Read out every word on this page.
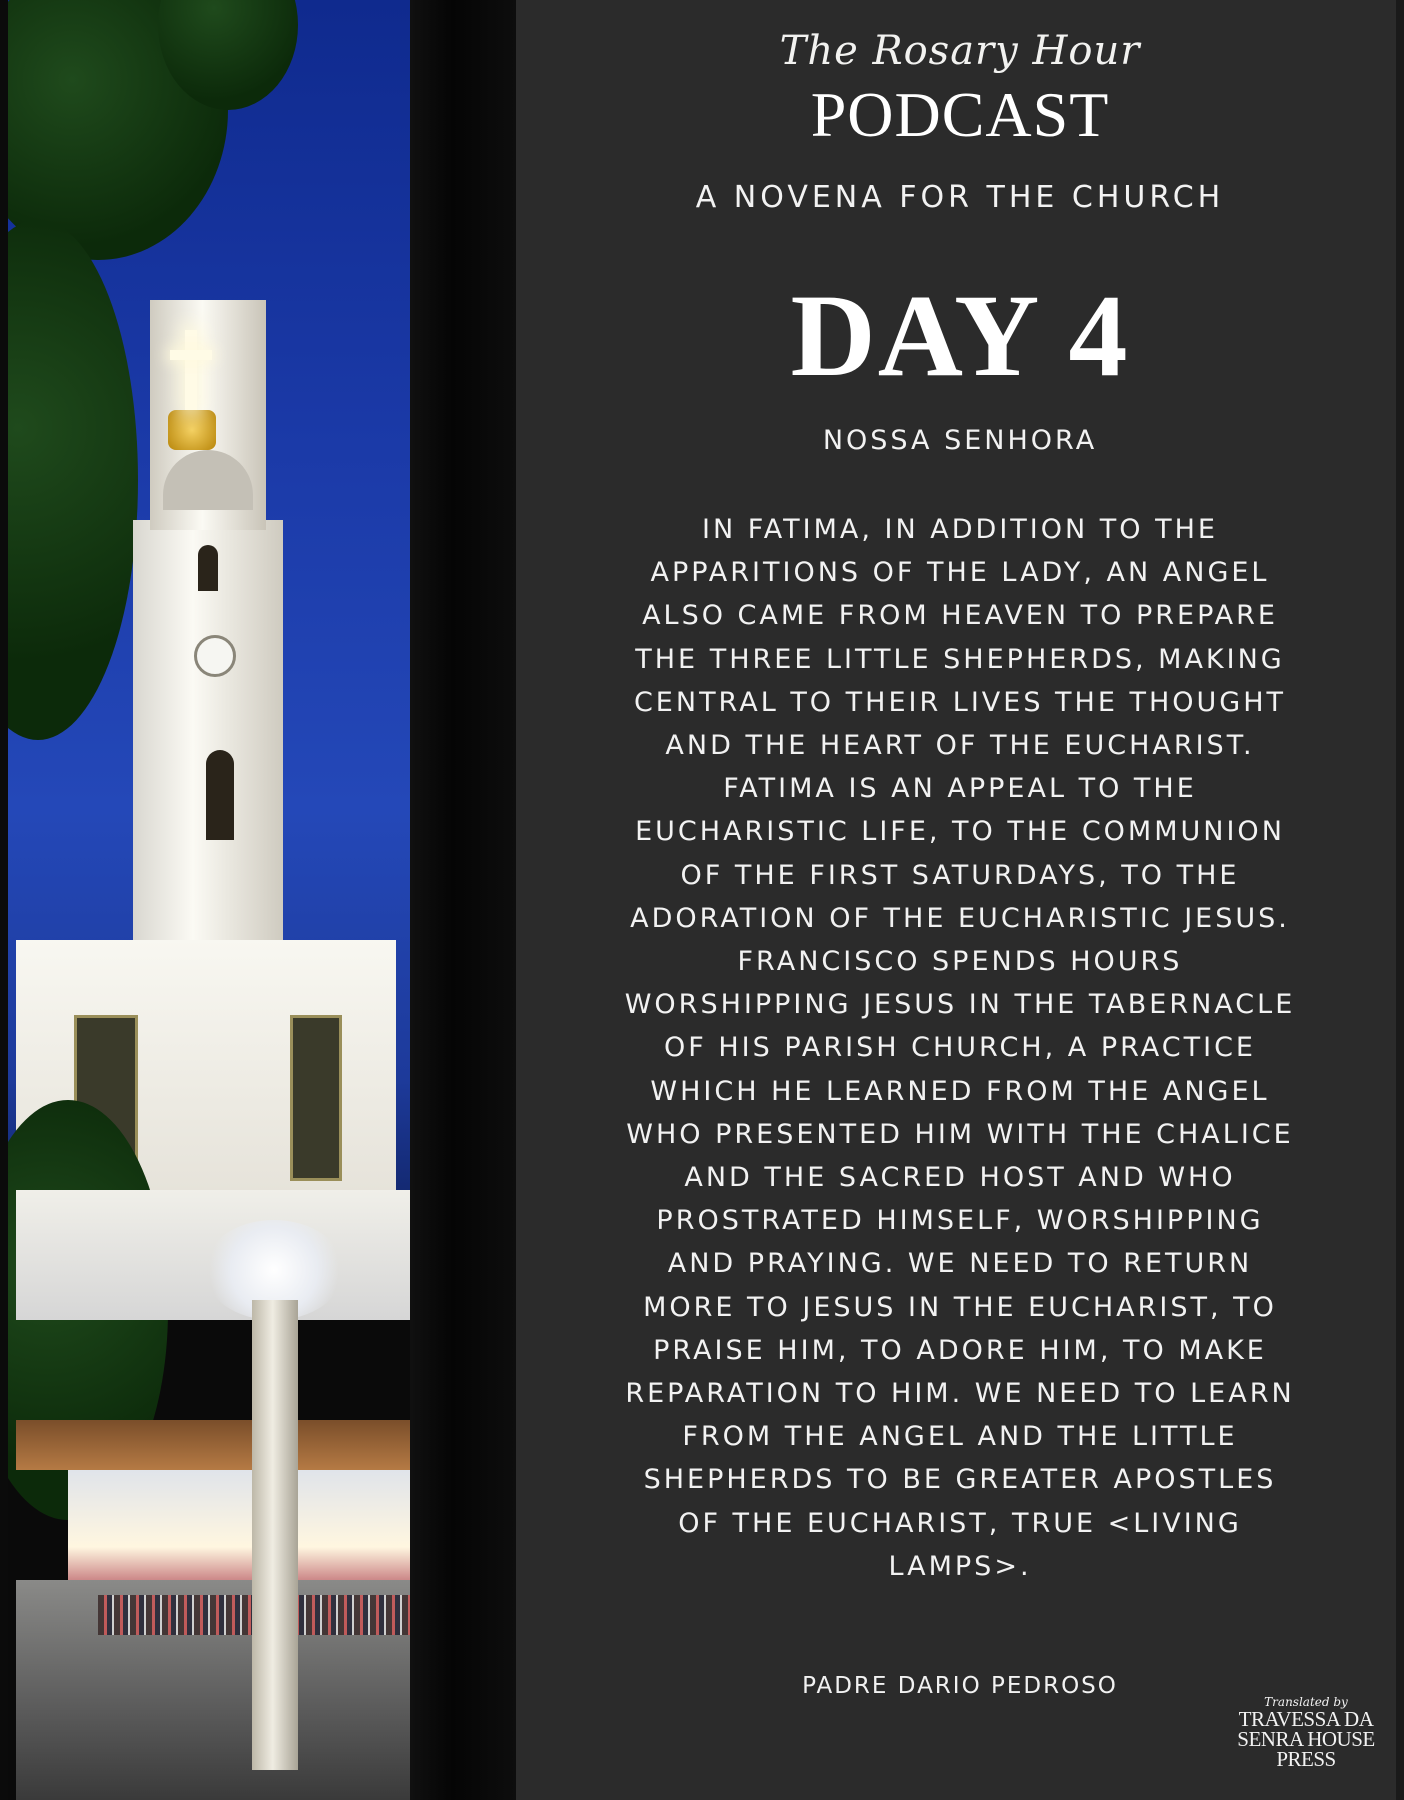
The Rosary Hour
PODCAST
A NOVENA FOR THE CHURCH
DAY 4
NOSSA SENHORA

IN FATIMA, IN ADDITION TO THE APPARITIONS OF THE LADY, AN ANGEL ALSO CAME FROM HEAVEN TO PREPARE THE THREE LITTLE SHEPHERDS, MAKING CENTRAL TO THEIR LIVES THE THOUGHT AND THE HEART OF THE EUCHARIST. FATIMA IS AN APPEAL TO THE EUCHARISTIC LIFE, TO THE COMMUNION OF THE FIRST SATURDAYS, TO THE ADORATION OF THE EUCHARISTIC JESUS. FRANCISCO SPENDS HOURS WORSHIPPING JESUS IN THE TABERNACLE OF HIS PARISH CHURCH, A PRACTICE WHICH HE LEARNED FROM THE ANGEL WHO PRESENTED HIM WITH THE CHALICE AND THE SACRED HOST AND WHO PROSTRATED HIMSELF, WORSHIPPING AND PRAYING. WE NEED TO RETURN MORE TO JESUS IN THE EUCHARIST, TO PRAISE HIM, TO ADORE HIM, TO MAKE REPARATION TO HIM. WE NEED TO LEARN FROM THE ANGEL AND THE LITTLE SHEPHERDS TO BE GREATER APOSTLES OF THE EUCHARIST, TRUE <LIVING LAMPS>.

PADRE DARIO PEDROSO
Translated by
TRAVESSA DA SENRA HOUSE PRESS
